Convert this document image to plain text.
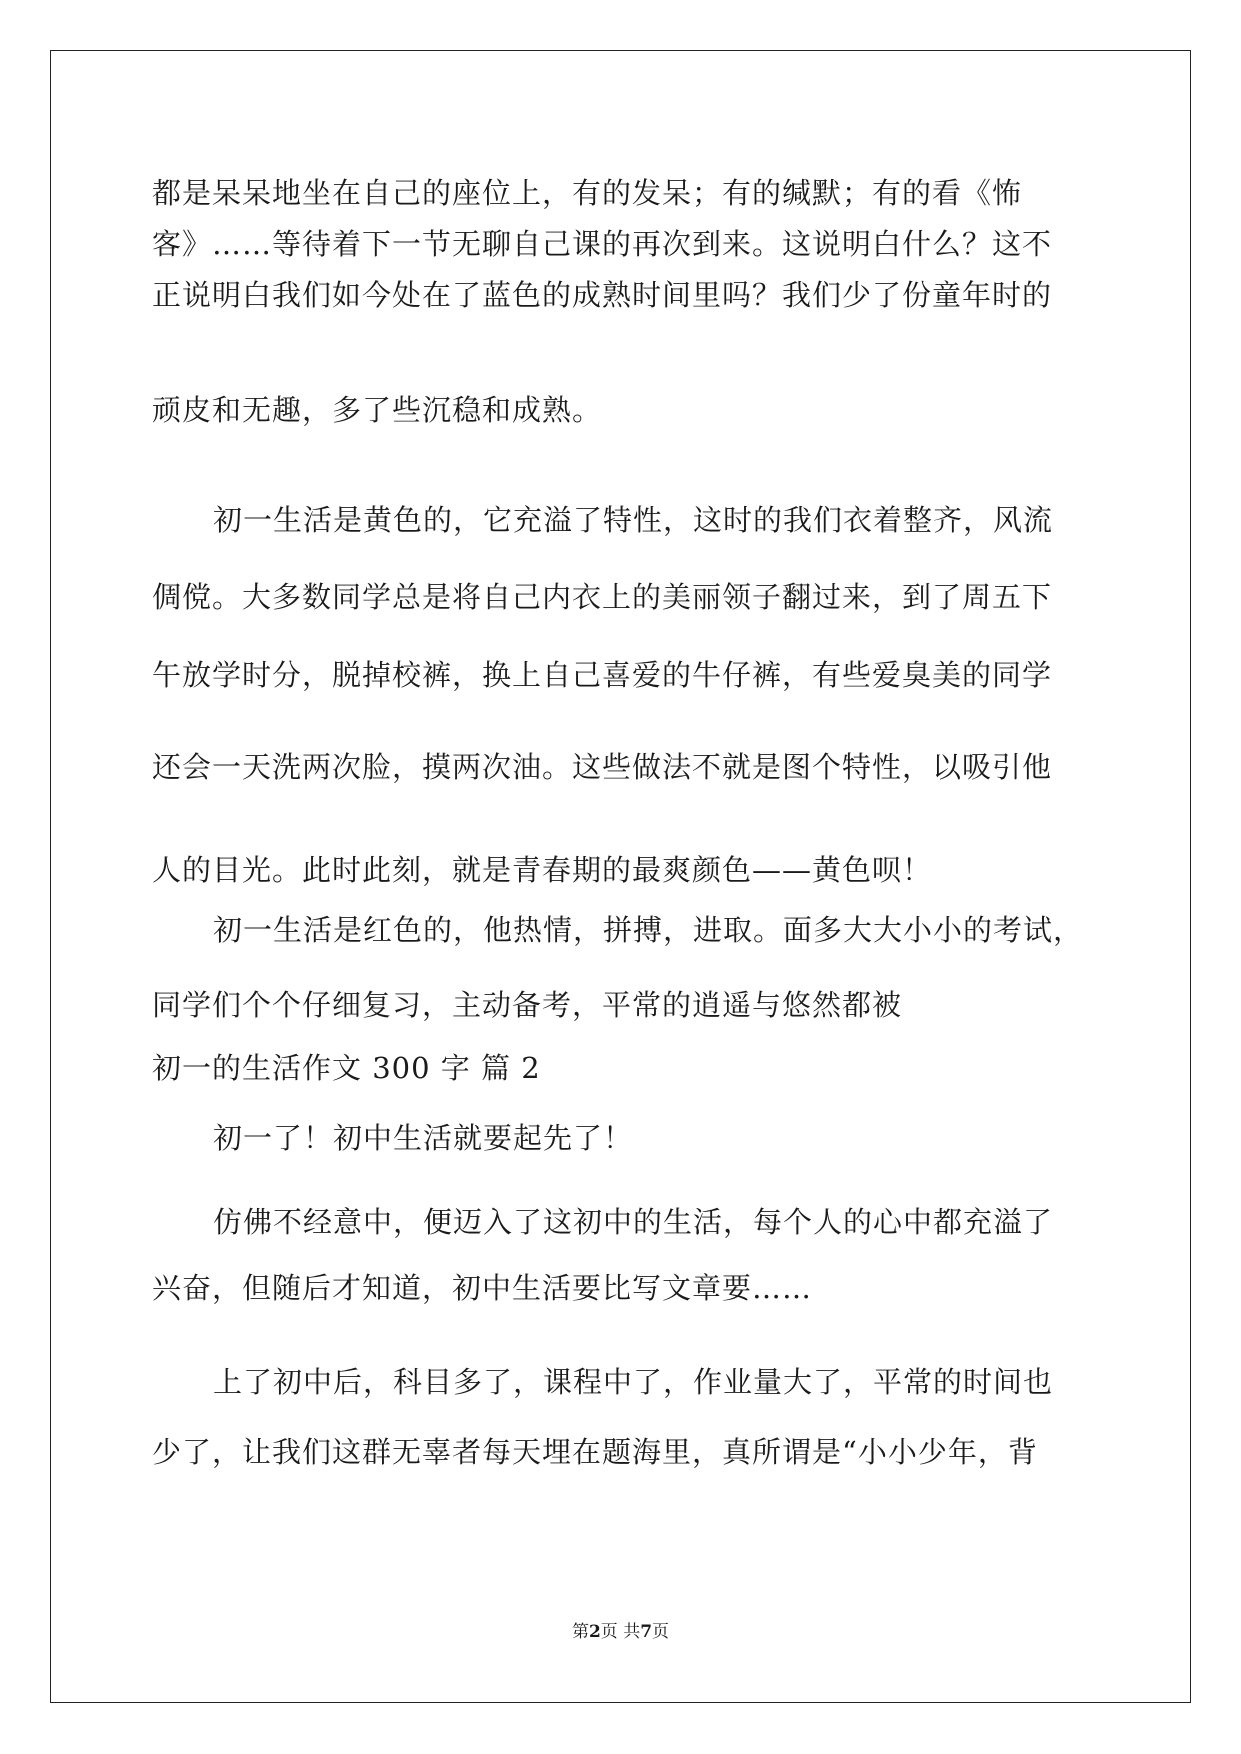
都是呆呆地坐在自己的座位上，有的发呆；有的缄默；有的看《怖
客》……等待着下一节无聊自己课的再次到来。这说明白什么？这不
正说明白我们如今处在了蓝色的成熟时间里吗？我们少了份童年时的
顽皮和无趣，多了些沉稳和成熟。
初一生活是黄色的，它充溢了特性，这时的我们衣着整齐，风流
倜傥。大多数同学总是将自己内衣上的美丽领子翻过来，到了周五下
午放学时分，脱掉校裤，换上自己喜爱的牛仔裤，有些爱臭美的同学
还会一天洗两次脸，摸两次油。这些做法不就是图个特性，以吸引他
人的目光。此时此刻，就是青春期的最爽颜色——黄色呗！
初一生活是红色的，他热情，拼搏，进取。面多大大小小的考试，
同学们个个仔细复习，主动备考，平常的逍遥与悠然都被
初一的生活作文 300 字 篇 2
初一了！初中生活就要起先了！
仿佛不经意中，便迈入了这初中的生活，每个人的心中都充溢了
兴奋，但随后才知道，初中生活要比写文章要……
上了初中后，科目多了，课程中了，作业量大了，平常的时间也
少了，让我们这群无辜者每天埋在题海里，真所谓是“小小少年，背
第2页 共7页
